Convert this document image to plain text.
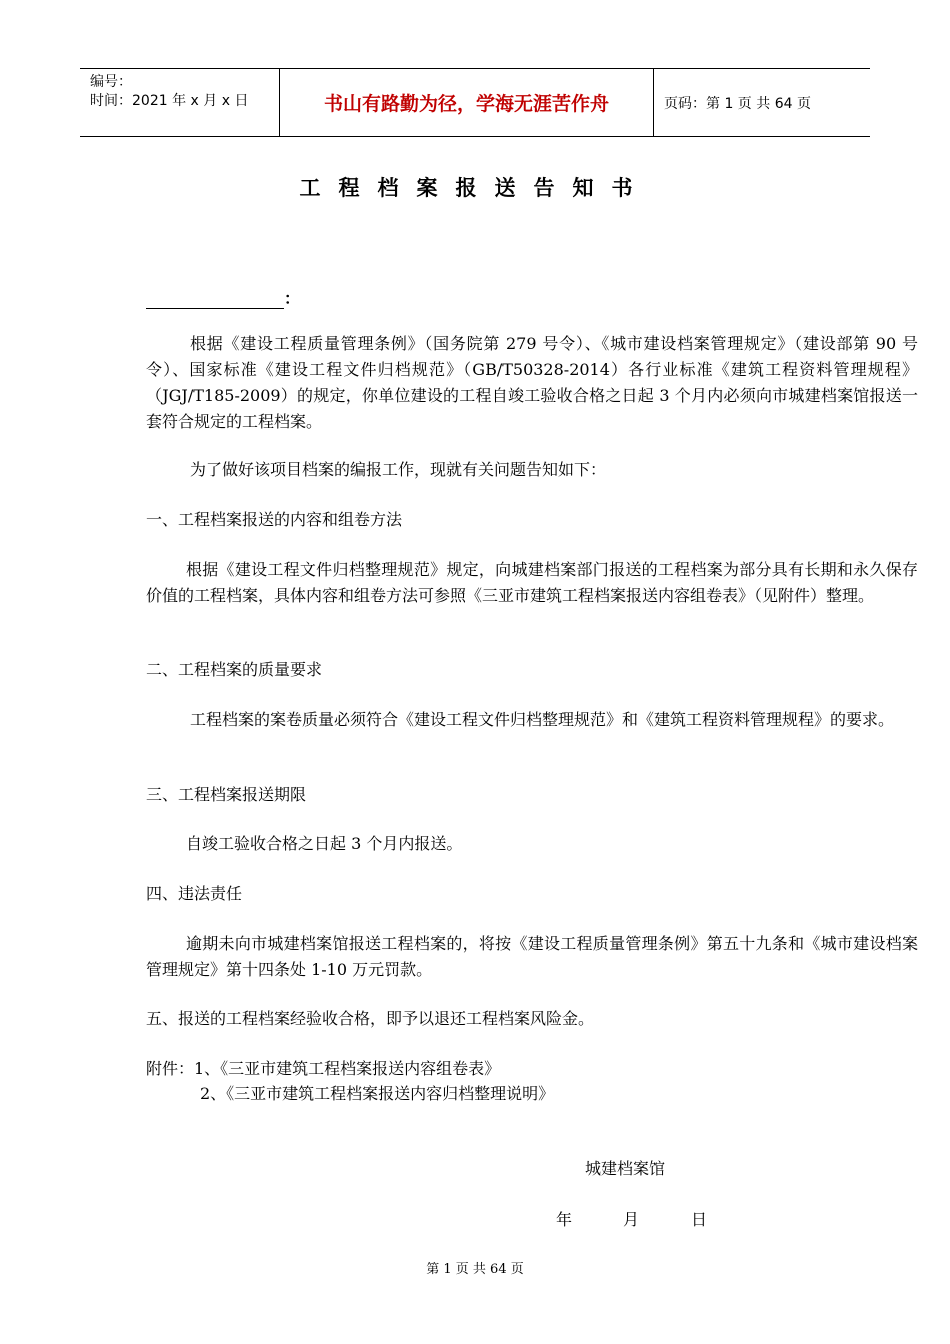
编号：
时间：2021 年 x 月 x 日	书山有路勤为径，学海无涯苦作舟	页码：第 1 页 共 64 页
工程档案报送告知书
：

根据《建设工程质量管理条例》（国务院第 279 号令）、《城市建设档案管理规定》（建设部第 90 号令）、国家标准《建设工程文件归档规范》（GB/T50328-2014）各行业标准《建筑工程资料管理规程》（JGJ/T185-2009）的规定，你单位建设的工程自竣工验收合格之日起 3 个月内必须向市城建档案馆报送一套符合规定的工程档案。

为了做好该项目档案的编报工作，现就有关问题告知如下：

一、工程档案报送的内容和组卷方法

根据《建设工程文件归档整理规范》规定，向城建档案部门报送的工程档案为部分具有长期和永久保存价值的工程档案，具体内容和组卷方法可参照《三亚市建筑工程档案报送内容组卷表》（见附件）整理。

二、工程档案的质量要求

工程档案的案卷质量必须符合《建设工程文件归档整理规范》和《建筑工程资料管理规程》的要求。

三、工程档案报送期限

自竣工验收合格之日起 3 个月内报送。

四、违法责任

逾期未向市城建档案馆报送工程档案的，将按《建设工程质量管理条例》第五十九条和《城市建设档案管理规定》第十四条处 1-10 万元罚款。

五、报送的工程档案经验收合格，即予以退还工程档案风险金。

附件：1、《三亚市建筑工程档案报送内容组卷表》

2、《三亚市建筑工程档案报送内容归档整理说明》

城建档案馆
年	月	日
第 1 页 共 64 页
